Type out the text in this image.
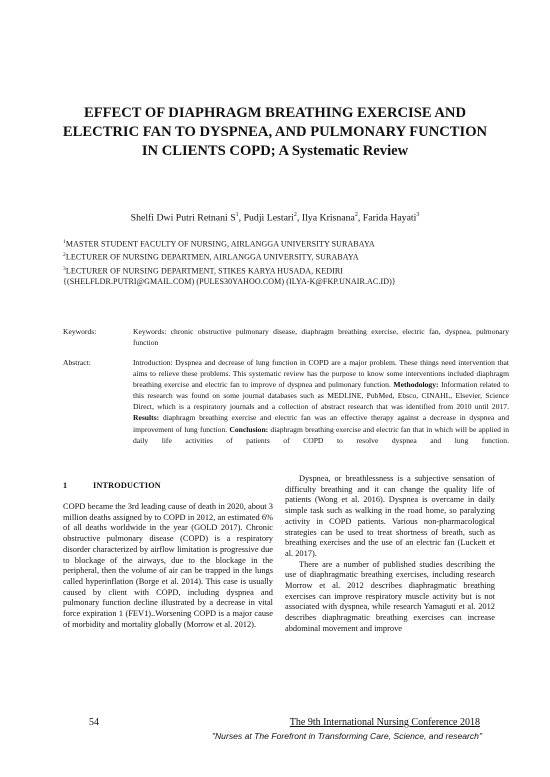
EFFECT OF DIAPHRAGM BREATHING EXERCISE AND
ELECTRIC FAN TO DYSPNEA, AND PULMONARY FUNCTION
IN CLIENTS COPD; A Systematic Review
Shelfi Dwi Putri Retnani $S^1$, Pudji Lestari$^2$, Ilya Krisnana$^2$, Farida Hayati$^3$
$^1$MASTER STUDENT FACULTY OF NURSING, AIRLANGGA UNIVERSITY SURABAYA
$^2$LECTURER OF NURSING DEPARTMEN, AIRLANGGA UNIVERSITY, SURABAYA
$^3$LECTURER OF NURSING DEPARTMENT, STIKES KARYA HUSADA, KEDIRI
{(SHELFLDR.PUTRI@GMAIL.COM) (PULES30YAHOO.COM) (ILYA-K@FKP.UNAIR.AC.ID)}
Keywords:	Keywords: chronic obstructive pulmonary disease, diaphragm breathing exercise, electric fan, dyspnea, pulmonary function
Abstract:	Introduction: Dyspnea and decrease of lung function in COPD are a major problem. These things need intervention that aims to relieve these problems. This systematic review has the purpose to know some interventions included diaphragm breathing exercise and electric fan to improve of dyspnea and pulmonary function. Methodology: Information related to this research was found on some journal databases such as MEDLINE, PubMed, Ebsco, CINAHL, Elsevier, Science Direct, which is a respiratory journals and a collection of abstract research that was identified from 2010 until 2017. Results: diaphragm breathing exercise and electric fan was an effective therapy against a decrease in dyspnea and improvement of lung function. Conclusion: diaphragm breathing exercise and electric fan that in which will be applied in daily life activities of patients of COPD to resolve dyspnea and lung function.
1	INTRODUCTION

COPD became the 3rd leading cause of death in 2020, about 3 million deaths assigned by to COPD in 2012, an estimated 6% of all deaths worldwide in the year (GOLD 2017). Chronic obstructive pulmonary disease (COPD) is a respiratory disorder characterized by airflow limitation is progressive due to blockage of the airways, due to the blockage in the peripheral, then the volume of air can be trapped in the lungs called hyperinflation (Borge et al. 2014). This case is usually caused by client with COPD, including dyspnea and pulmonary function decline illustrated by a decrease in vital force expiration 1 (FEV1)..Worsening COPD is a major cause of morbidity and mortality globally (Morrow et al. 2012).

Dyspnea, or breathlessness is a subjective sensation of difficulty breathing and it can change the quality life of patients (Wong et al. 2016). Dyspnea is overcame in daily simple task such as walking in the road home, so paralyzing activity in COPD patients. Various non-pharmacological strategies can be used to treat shortness of breath, such as breathing exercises and the use of an electric fan (Luckett et al. 2017).

There are a number of published studies describing the use of diaphragmatic breathing exercises, including research Morrow et al. 2012 describes diaphragmatic breathing exercises can improve respiratory muscle activity but is not associated with dyspnea, while research Yamaguti et al. 2012 describes diaphragmatic breathing exercises can increase abdominal movement and improve

54	The 9th International Nursing Conference 2018
"Nurses at The Forefront in Transforming Care, Science, and research"
